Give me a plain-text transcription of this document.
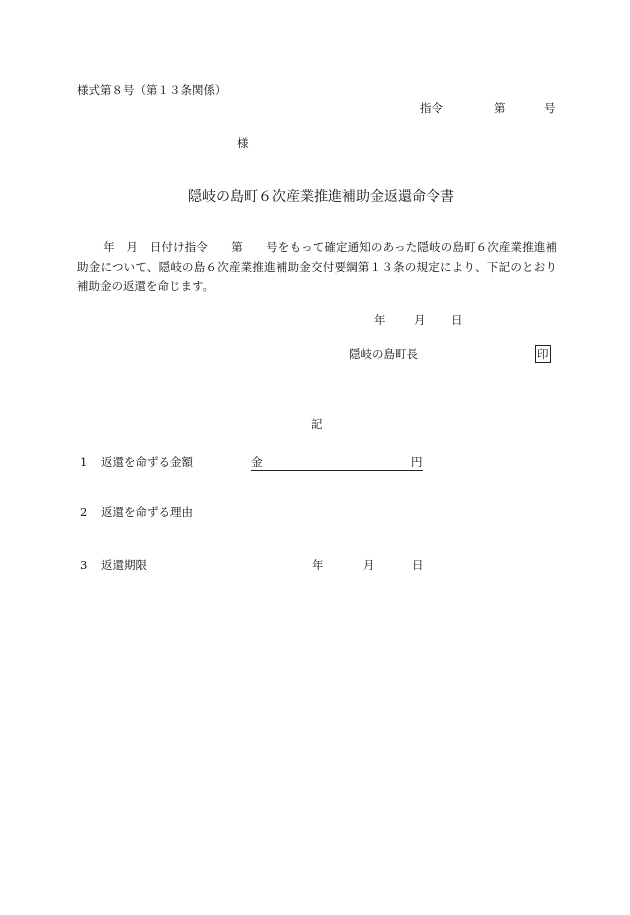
様式第８号（第１３条関係）
指令	第	号
様
隠岐の島町６次産業推進補助金返還命令書
年　月　日付け指令　　第　　号をもって確定通知のあった隠岐の島町６次産業推進補助金について、隠岐の島６次産業推進補助金交付要綱第１３条の規定により、下記のとおり補助金の返還を命じます。
年 月 日
隠岐の島町長	印
記
1 返還を命ずる金額	金	円
2 返還を命ずる理由
3 返還期限	年	月	日
